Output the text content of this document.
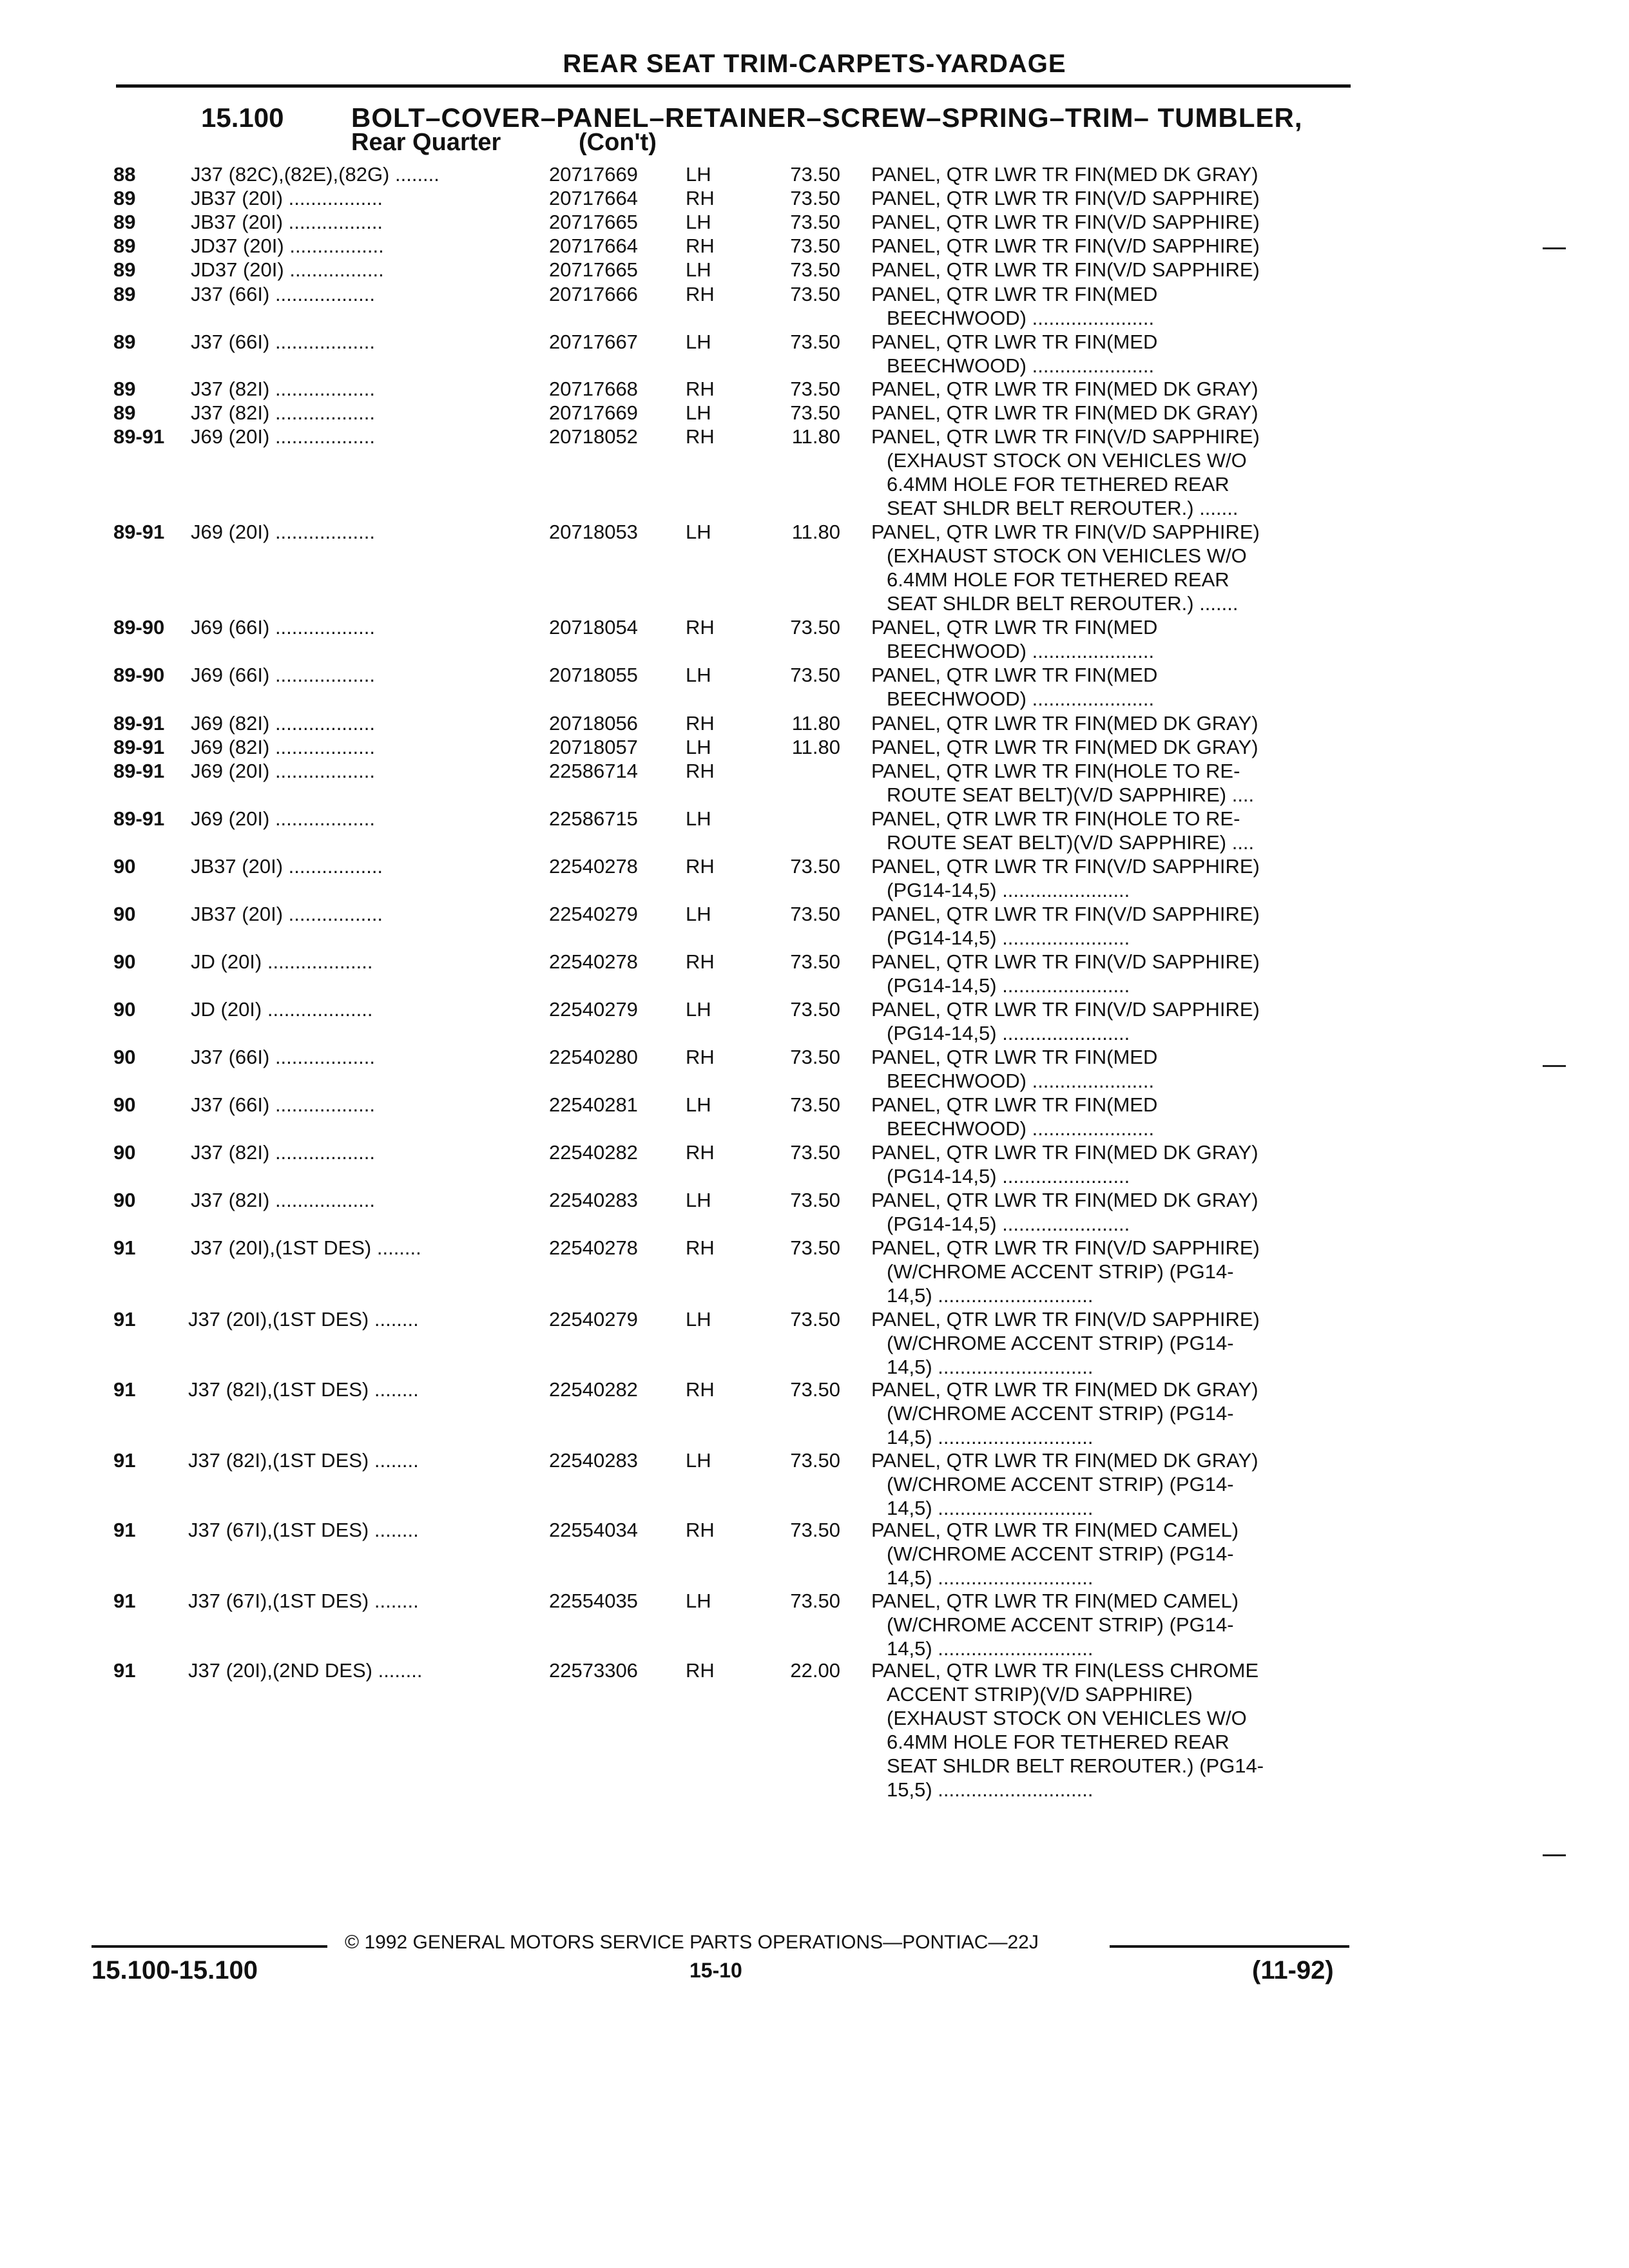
REAR SEAT TRIM-CARPETS-YARDAGE
15.100 BOLT–COVER–PANEL–RETAINER–SCREW–SPRING–TRIM– TUMBLER,
Rear Quarter	(Con't)
88	J37 (82C),(82E),(82G) ........	20717669 LH	73.50 PANEL, QTR LWR TR FIN(MED DK GRAY)
89	JB37 (20I) .................	20717664 RH	73.50 PANEL, QTR LWR TR FIN(V/D SAPPHIRE)
89	JB37 (20I) .................	20717665 LH	73.50 PANEL, QTR LWR TR FIN(V/D SAPPHIRE)
89	JD37 (20I) .................	20717664 RH	73.50 PANEL, QTR LWR TR FIN(V/D SAPPHIRE)
89	JD37 (20I) .................	20717665 LH	73.50 PANEL, QTR LWR TR FIN(V/D SAPPHIRE)
89	J37 (66I) ..................	20717666 RH	73.50 PANEL, QTR LWR TR FIN(MED
BEECHWOOD) ......................
89	J37 (66I) ..................	20717667 LH	73.50 PANEL, QTR LWR TR FIN(MED
BEECHWOOD) ......................
89	J37 (82I) ..................	20717668 RH	73.50 PANEL, QTR LWR TR FIN(MED DK GRAY)
89	J37 (82I) ..................	20717669 LH	73.50 PANEL, QTR LWR TR FIN(MED DK GRAY)
89-91 J69 (20I) ..................	20718052 RH	11.80 PANEL, QTR LWR TR FIN(V/D SAPPHIRE)
(EXHAUST STOCK ON VEHICLES W/O
6.4MM HOLE FOR TETHERED REAR
SEAT SHLDR BELT REROUTER.) .......
89-91 J69 (20I) ..................	20718053 LH	11.80 PANEL, QTR LWR TR FIN(V/D SAPPHIRE)
(EXHAUST STOCK ON VEHICLES W/O
6.4MM HOLE FOR TETHERED REAR
SEAT SHLDR BELT REROUTER.) .......
89-90 J69 (66I) ..................	20718054 RH	73.50 PANEL, QTR LWR TR FIN(MED
BEECHWOOD) ......................
89-90 J69 (66I) ..................	20718055 LH	73.50 PANEL, QTR LWR TR FIN(MED
BEECHWOOD) ......................
89-91 J69 (82I) ..................	20718056 RH	11.80 PANEL, QTR LWR TR FIN(MED DK GRAY)
89-91 J69 (82I) ..................	20718057 LH	11.80 PANEL, QTR LWR TR FIN(MED DK GRAY)
89-91 J69 (20I) ..................	22586714 RH	PANEL, QTR LWR TR FIN(HOLE TO RE-
ROUTE SEAT BELT)(V/D SAPPHIRE) ....
89-91 J69 (20I) ..................	22586715 LH	PANEL, QTR LWR TR FIN(HOLE TO RE-
ROUTE SEAT BELT)(V/D SAPPHIRE) ....
90	JB37 (20I) .................	22540278 RH	73.50 PANEL, QTR LWR TR FIN(V/D SAPPHIRE)
(PG14-14,5) .......................
90	JB37 (20I) .................	22540279 LH	73.50 PANEL, QTR LWR TR FIN(V/D SAPPHIRE)
(PG14-14,5) .......................
90	JD (20I) ...................	22540278 RH	73.50 PANEL, QTR LWR TR FIN(V/D SAPPHIRE)
(PG14-14,5) .......................
90	JD (20I) ...................	22540279 LH	73.50 PANEL, QTR LWR TR FIN(V/D SAPPHIRE)
(PG14-14,5) .......................
90	J37 (66I) ..................	22540280 RH	73.50 PANEL, QTR LWR TR FIN(MED
BEECHWOOD) ......................
90	J37 (66I) ..................	22540281 LH	73.50 PANEL, QTR LWR TR FIN(MED
BEECHWOOD) ......................
90	J37 (82I) ..................	22540282 RH	73.50 PANEL, QTR LWR TR FIN(MED DK GRAY)
(PG14-14,5) .......................
90	J37 (82I) ..................	22540283 LH	73.50 PANEL, QTR LWR TR FIN(MED DK GRAY)
(PG14-14,5) .......................
91	J37 (20I),(1ST DES) ........	22540278 RH	73.50 PANEL, QTR LWR TR FIN(V/D SAPPHIRE)
(W/CHROME ACCENT STRIP) (PG14-
14,5) ............................
91	J37 (20I),(1ST DES) ........	22540279 LH	73.50 PANEL, QTR LWR TR FIN(V/D SAPPHIRE)
(W/CHROME ACCENT STRIP) (PG14-
14,5) ............................
91	J37 (82I),(1ST DES) ........	22540282 RH	73.50 PANEL, QTR LWR TR FIN(MED DK GRAY)
(W/CHROME ACCENT STRIP) (PG14-
14,5) ............................
91	J37 (82I),(1ST DES) ........	22540283 LH	73.50 PANEL, QTR LWR TR FIN(MED DK GRAY)
(W/CHROME ACCENT STRIP) (PG14-
14,5) ............................
91	J37 (67I),(1ST DES) ........	22554034 RH	73.50 PANEL, QTR LWR TR FIN(MED CAMEL)
(W/CHROME ACCENT STRIP) (PG14-
14,5) ............................
91	J37 (67I),(1ST DES) ........	22554035 LH	73.50 PANEL, QTR LWR TR FIN(MED CAMEL)
(W/CHROME ACCENT STRIP) (PG14-
14,5) ............................
91	J37 (20I),(2ND DES) ........	22573306 RH	22.00 PANEL, QTR LWR TR FIN(LESS CHROME
ACCENT STRIP)(V/D SAPPHIRE)
(EXHAUST STOCK ON VEHICLES W/O
6.4MM HOLE FOR TETHERED REAR
SEAT SHLDR BELT REROUTER.) (PG14-
15,5) ............................
© 1992 GENERAL MOTORS SERVICE PARTS OPERATIONS—PONTIAC—22J
15.100-15.100	15-10	(11-92)
